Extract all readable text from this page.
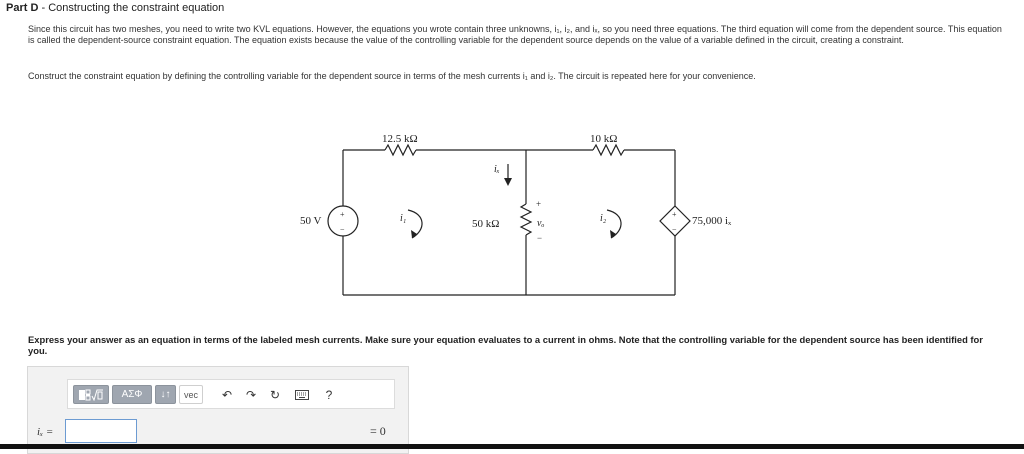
Part D - Constructing the constraint equation
Since this circuit has two meshes, you need to write two KVL equations. However, the equations you wrote contain three unknowns, i₁, i₂, and iₓ, so you need three equations. The third equation will come from the dependent source. This equation is called the dependent-source constraint equation. The equation exists because the value of the controlling variable for the dependent source depends on the value of a variable defined in the circuit, creating a constraint.
Construct the constraint equation by defining the controlling variable for the dependent source in terms of the mesh currents i₁ and i₂. The circuit is repeated here for your convenience.
12.5 kΩ	10 kΩ
iₓ
50 V
+
−
i₁	50 kΩ
+
vₒ
−
i₂	+
−
75,000 iₓ
Express your answer as an equation in terms of the labeled mesh currents. Make sure your equation evaluates to a current in ohms. Note that the controlling variable for the dependent source has been identified for you.
ΑΣΦ	↓↑	vec	↶ ↷ ↻	?
iₓ =	= 0
